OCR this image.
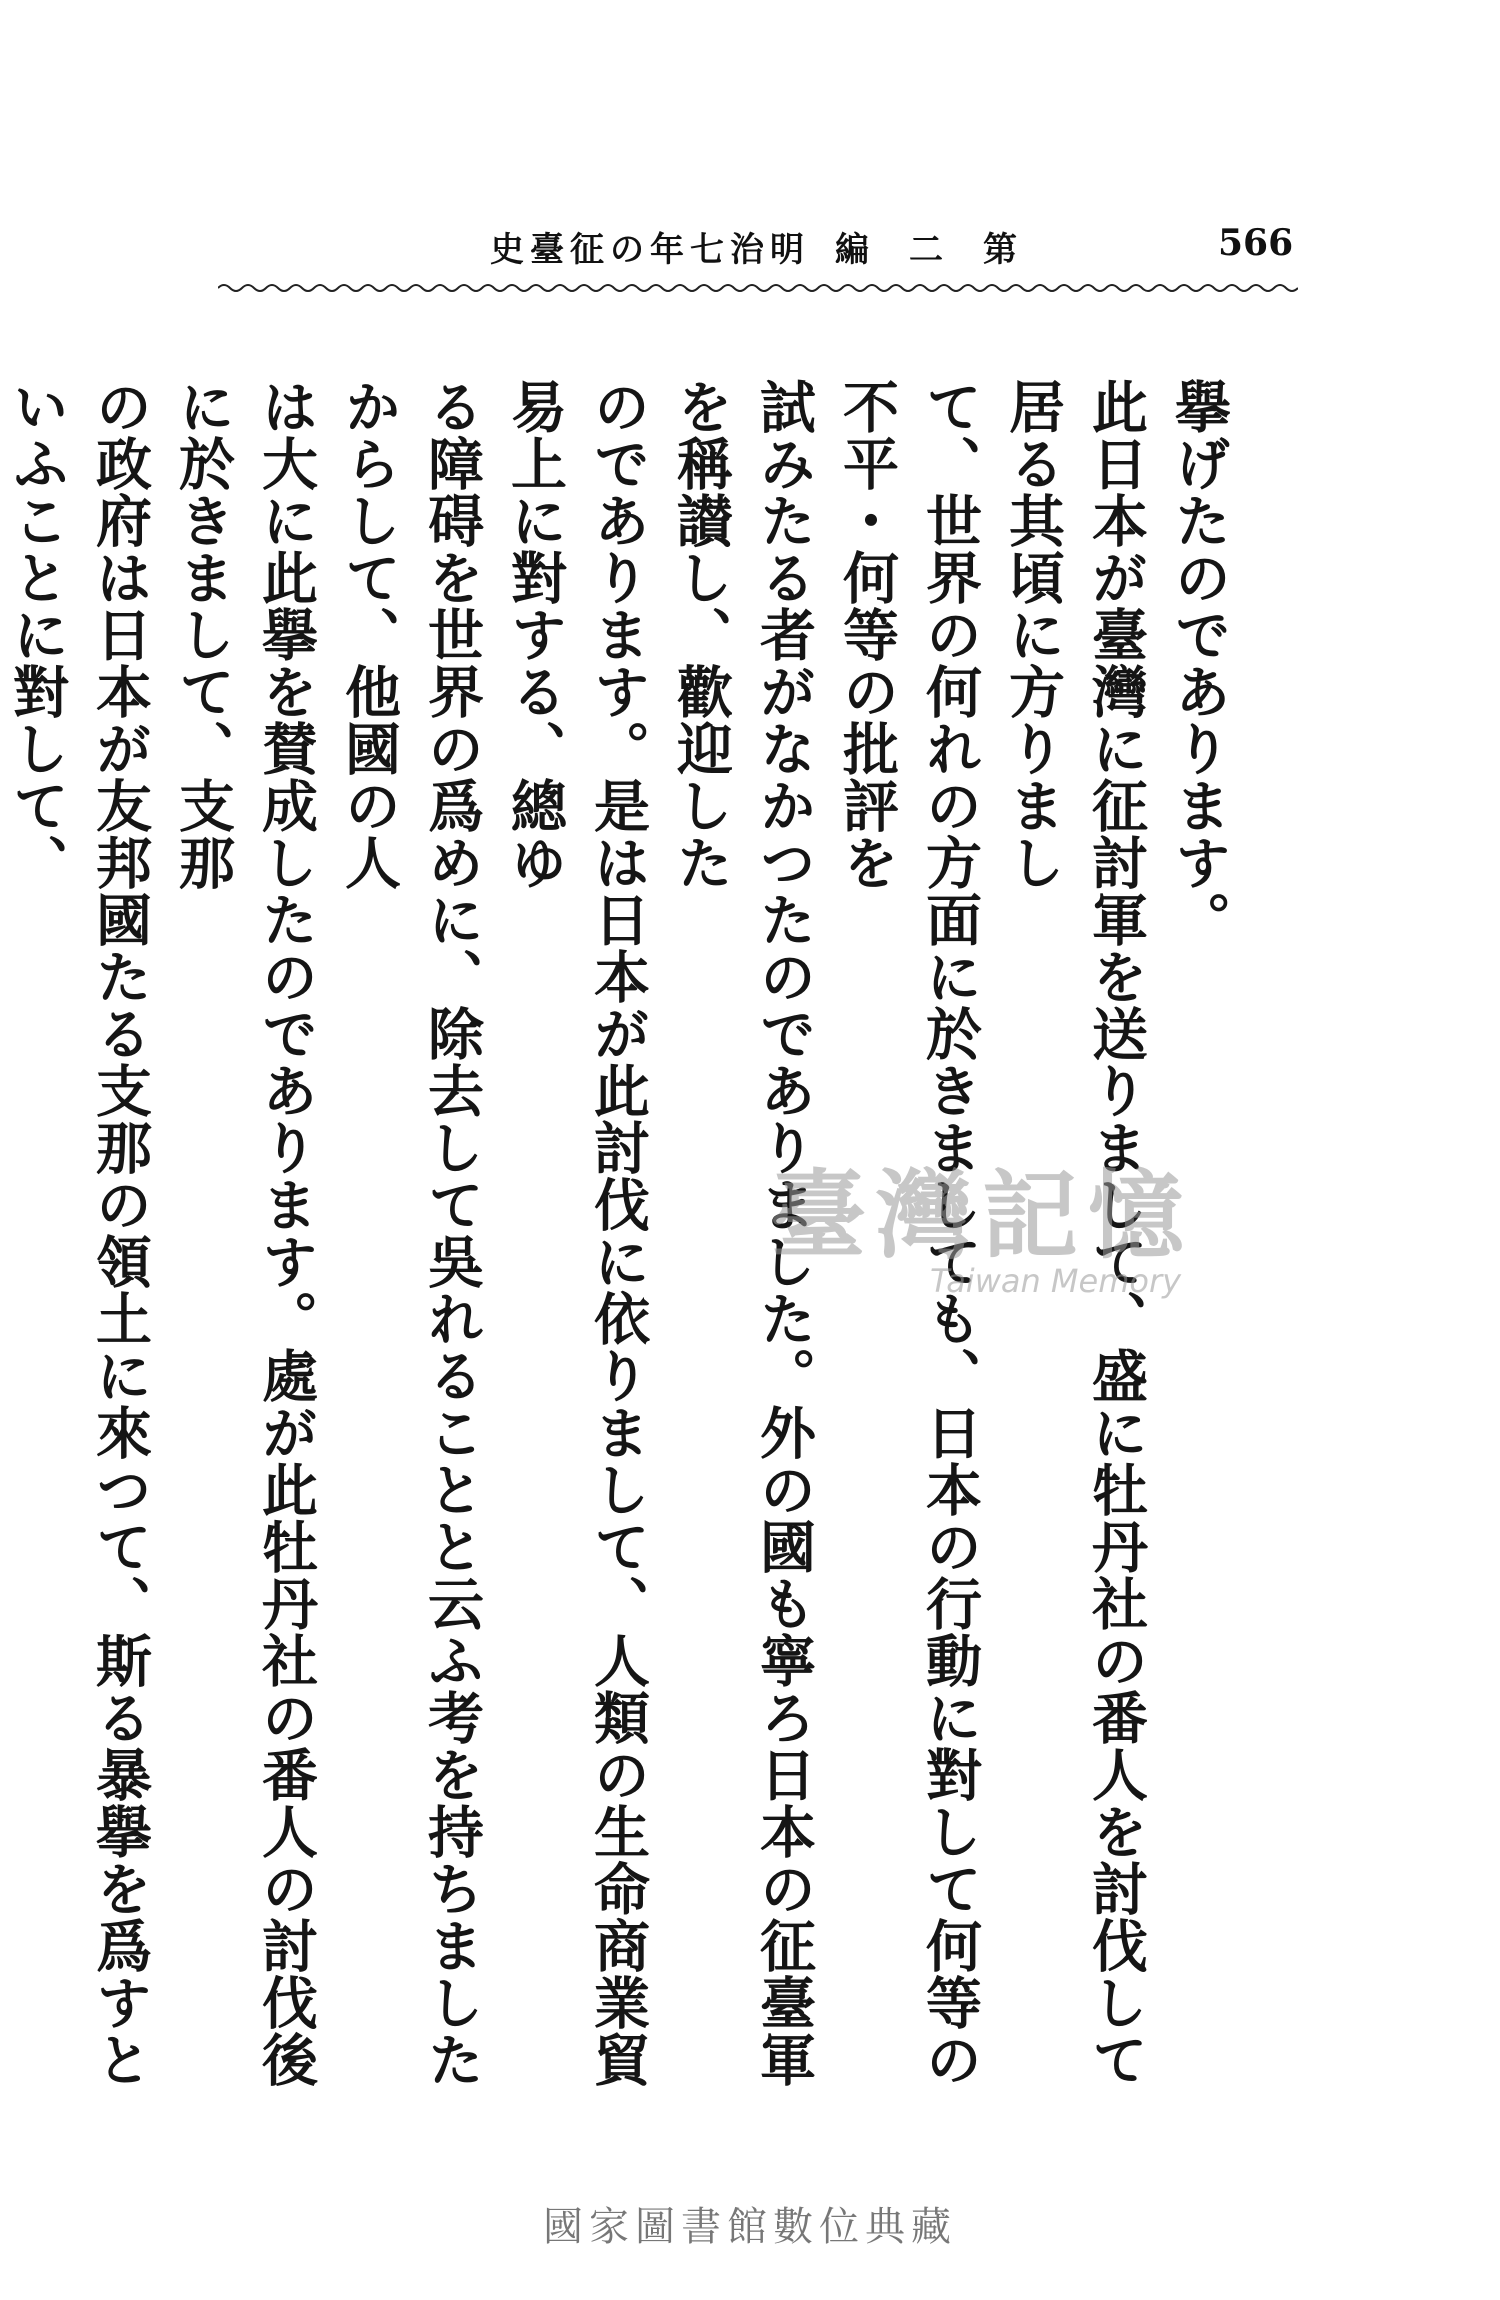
史臺征の年七治明 編二第	566
擧げたのであります。
此日本が臺灣に征討軍を送りまして、盛に牡丹社の番人を討伐して居る其頃に方りまし
て、世界の何れの方面に於きましても、日本の行動に對して何等の不平・何等の批評を
試みたる者がなかつたのでありました。外の國も寧ろ日本の征臺軍を稱讃し、歡迎した
のであります。是は日本が此討伐に依りまして、人類の生命商業貿易上に對する、總ゆ
る障碍を世界の爲めに、除去して吳れることと云ふ考を持ちましたからして、他國の人
は大に此擧を賛成したのであります。處が此牡丹社の番人の討伐後に於きまして、支那
の政府は日本が友邦國たる支那の領土に來つて、斯る暴擧を爲すといふことに對して、

臺灣記憶
Taiwan Memory
國家圖書館數位典藏
